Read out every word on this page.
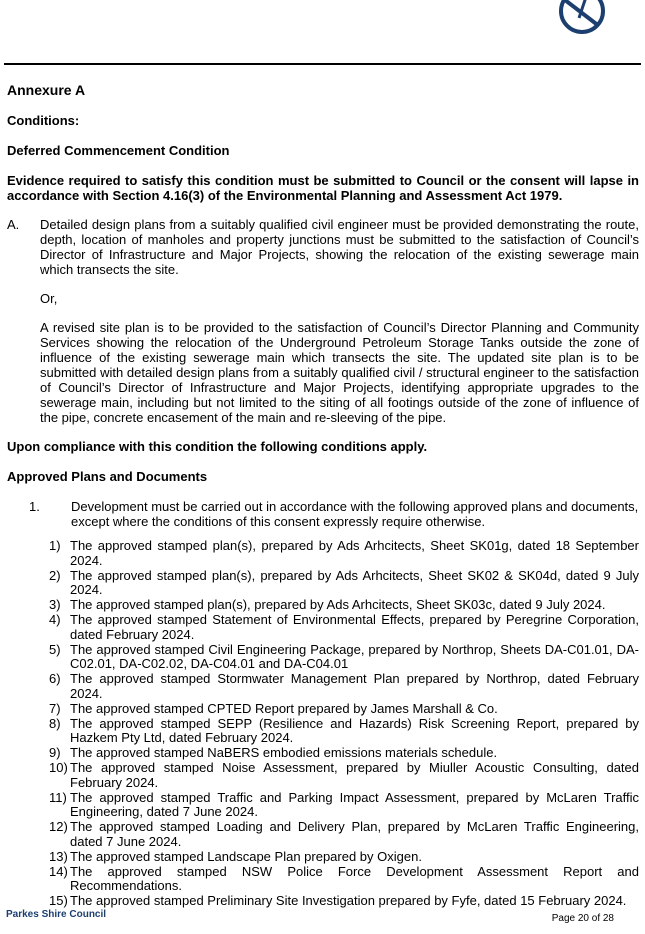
Annexure A
Conditions:
Deferred Commencement Condition
Evidence required to satisfy this condition must be submitted to Council or the consent will lapse in accordance with Section 4.16(3) of the Environmental Planning and Assessment Act 1979.
A. Detailed design plans from a suitably qualified civil engineer must be provided demonstrating the route, depth, location of manholes and property junctions must be submitted to the satisfaction of Council’s Director of Infrastructure and Major Projects, showing the relocation of the existing sewerage main which transects the site.
Or,
A revised site plan is to be provided to the satisfaction of Council’s Director Planning and Community Services showing the relocation of the Underground Petroleum Storage Tanks outside the zone of influence of the existing sewerage main which transects the site. The updated site plan is to be submitted with detailed design plans from a suitably qualified civil / structural engineer to the satisfaction of Council’s Director of Infrastructure and Major Projects, identifying appropriate upgrades to the sewerage main, including but not limited to the siting of all footings outside of the zone of influence of the pipe, concrete encasement of the main and re-sleeving of the pipe.
Upon compliance with this condition the following conditions apply.
Approved Plans and Documents
1. Development must be carried out in accordance with the following approved plans and documents, except where the conditions of this consent expressly require otherwise.
1) The approved stamped plan(s), prepared by Ads Arhcitects, Sheet SK01g, dated 18 September 2024.
2) The approved stamped plan(s), prepared by Ads Arhcitects, Sheet SK02 & SK04d, dated 9 July 2024.
3) The approved stamped plan(s), prepared by Ads Arhcitects, Sheet SK03c, dated 9 July 2024.
4) The approved stamped Statement of Environmental Effects, prepared by Peregrine Corporation, dated February 2024.
5) The approved stamped Civil Engineering Package, prepared by Northrop, Sheets DA-C01.01, DA-C02.01, DA-C02.02, DA-C04.01 and DA-C04.01
6) The approved stamped Stormwater Management Plan prepared by Northrop, dated February 2024.
7) The approved stamped CPTED Report prepared by James Marshall & Co.
8) The approved stamped SEPP (Resilience and Hazards) Risk Screening Report, prepared by Hazkem Pty Ltd, dated February 2024.
9) The approved stamped NaBERS embodied emissions materials schedule.
10) The approved stamped Noise Assessment, prepared by Miuller Acoustic Consulting, dated February 2024.
11) The approved stamped Traffic and Parking Impact Assessment, prepared by McLaren Traffic Engineering, dated 7 June 2024.
12) The approved stamped Loading and Delivery Plan, prepared by McLaren Traffic Engineering, dated 7 June 2024.
13) The approved stamped Landscape Plan prepared by Oxigen.
14) The approved stamped NSW Police Force Development Assessment Report and Recommendations.
15) The approved stamped Preliminary Site Investigation prepared by Fyfe, dated 15 February 2024.
Parkes Shire Council	Page 20 of 28
